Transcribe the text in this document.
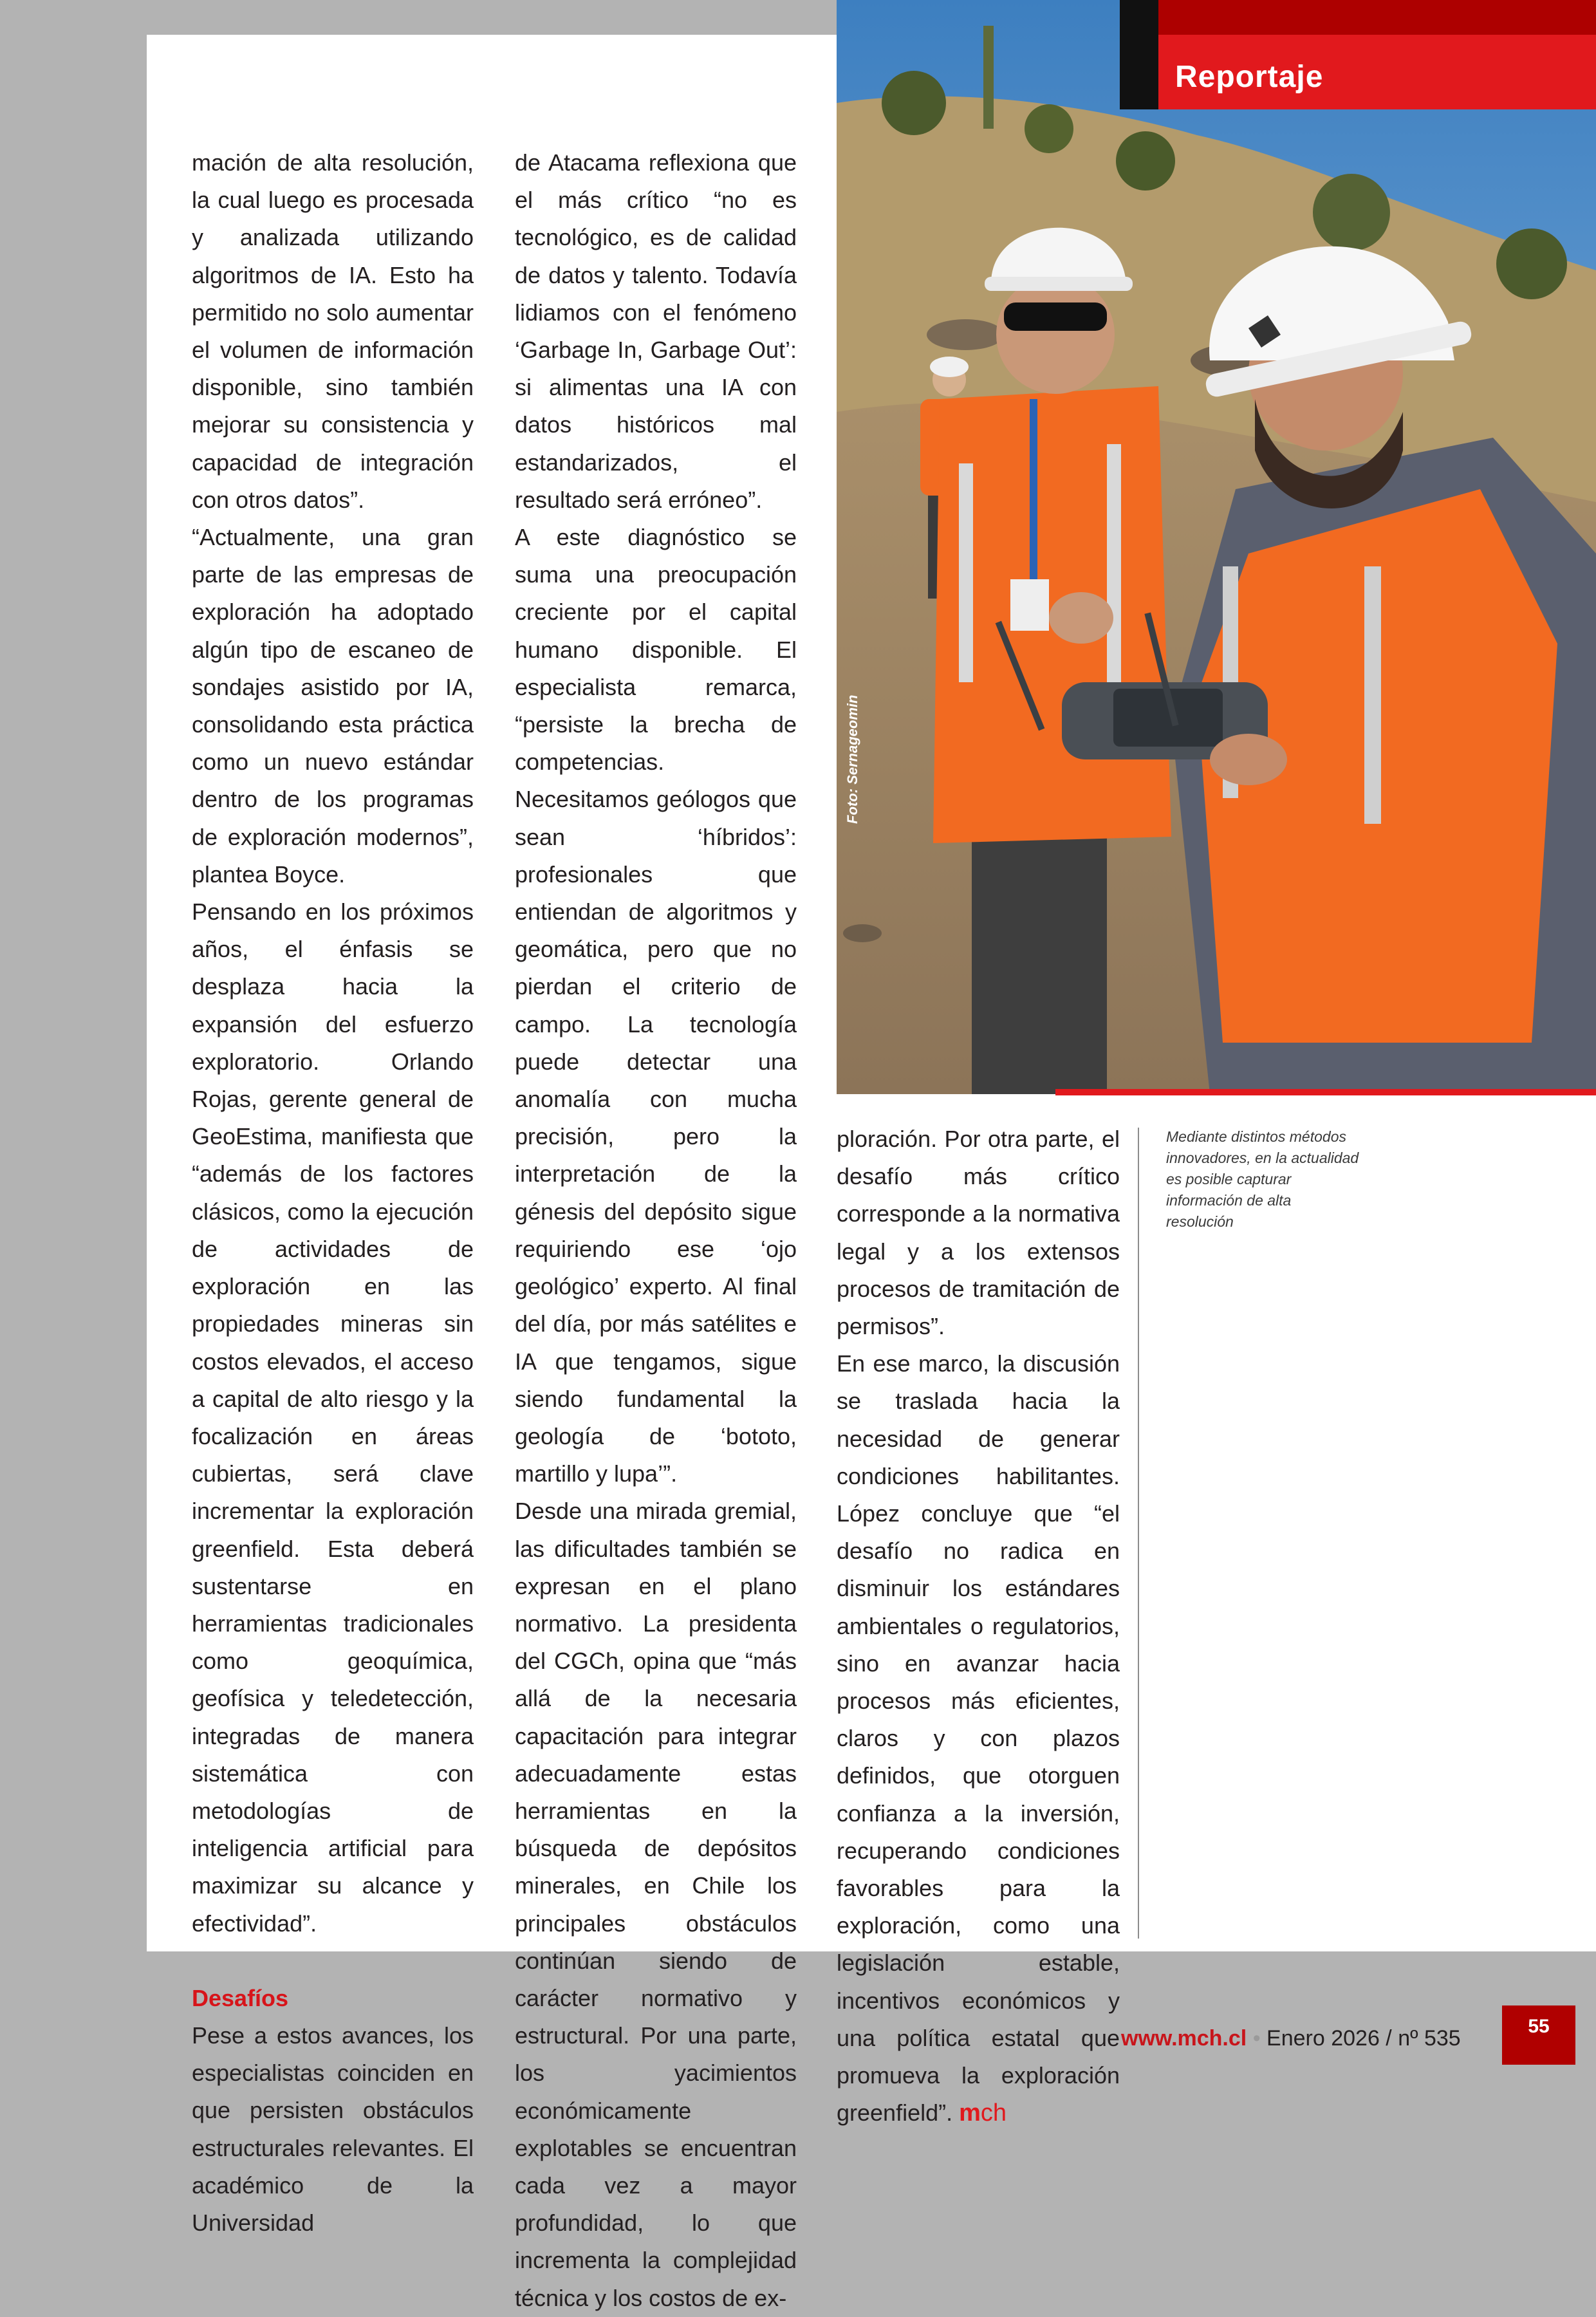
Foto: Sernageomin
Reportaje

mación de alta resolución, la cual luego es procesada y analizada utilizando algoritmos de IA. Esto ha permitido no solo aumentar el volumen de información disponible, sino también mejorar su consistencia y capacidad de integración con otros datos”.

“Actualmente, una gran parte de las empresas de exploración ha adoptado algún tipo de escaneo de sondajes asistido por IA, consolidando esta práctica como un nuevo estándar dentro de los programas de exploración modernos”, plantea Boyce.

Pensando en los próximos años, el énfasis se desplaza hacia la expansión del esfuerzo exploratorio. Orlando Rojas, gerente general de GeoEstima, manifiesta que “además de los factores clásicos, como la ejecución de actividades de exploración en las propiedades mineras sin costos elevados, el acceso a capital de alto riesgo y la focalización en áreas cubiertas, será clave incrementar la exploración greenfield. Esta deberá sustentarse en herramientas tradicionales como geoquímica, geofísica y teledetección, integradas de manera sistemática con metodologías de inteligencia artificial para maximizar su alcance y efectividad”.

Desafíos

Pese a estos avances, los especialistas coinciden en que persisten obstáculos estructurales relevantes. El académico de la Universidad

de Atacama reflexiona que el más crítico “no es tecnológico, es de calidad de datos y talento. Todavía lidiamos con el fenómeno ‘Garbage In, Garbage Out’: si alimentas una IA con datos históricos mal estandarizados, el resultado será erróneo”.

A este diagnóstico se suma una preocupación creciente por el capital humano disponible. El especialista remarca, “persiste la brecha de competencias. Necesitamos geólogos que sean ‘híbridos’: profesionales que entiendan de algoritmos y geomática, pero que no pierdan el criterio de campo. La tecnología puede detectar una anomalía con mucha precisión, pero la interpretación de la génesis del depósito sigue requiriendo ese ‘ojo geológico’ experto. Al final del día, por más satélites e IA que tengamos, sigue siendo fundamental la geología de ‘bototo, martillo y lupa’”.

Desde una mirada gremial, las dificultades también se expresan en el plano normativo. La presidenta del CGCh, opina que “más allá de la necesaria capacitación para integrar adecuadamente estas herramientas en la búsqueda de depósitos minerales, en Chile los principales obstáculos continúan siendo de carácter normativo y estructural. Por una parte, los yacimientos económicamente explotables se encuentran cada vez a mayor profundidad, lo que incrementa la complejidad técnica y los costos de ex-

ploración. Por otra parte, el desafío más crítico corresponde a la normativa legal y a los extensos procesos de tramitación de permisos”.

En ese marco, la discusión se traslada hacia la necesidad de generar condiciones habilitantes. López concluye que “el desafío no radica en disminuir los estándares ambientales o regulatorios, sino en avanzar hacia procesos más eficientes, claros y con plazos definidos, que otorguen confianza a la inversión, recuperando condiciones favorables para la exploración, como una legislación estable, incentivos económicos y una política estatal que promueva la exploración greenfield”. mch

Mediante distintos métodos innovadores, en la actualidad es posible capturar información de alta resolución
www.mch.cl • Enero 2026 / nº 535	55
